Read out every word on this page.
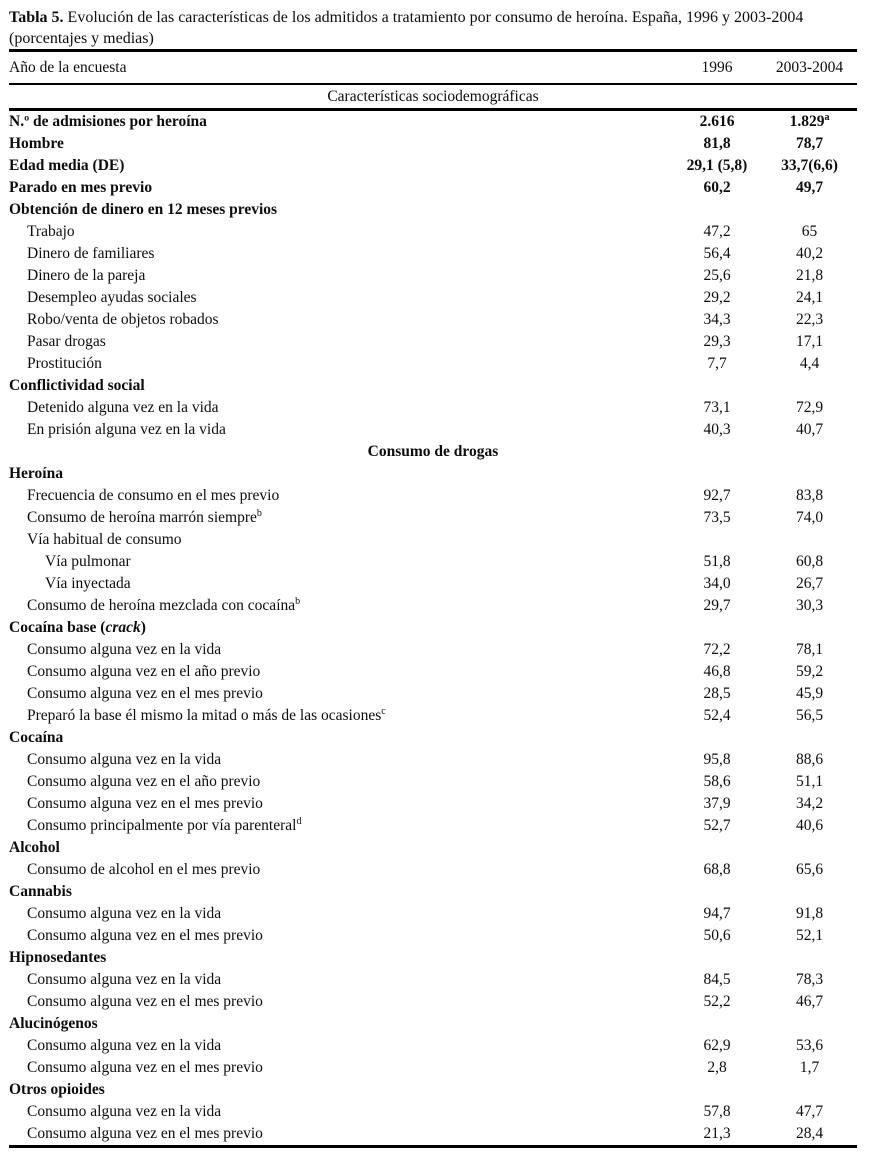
Tabla 5. Evolución de las características de los admitidos a tratamiento por consumo de heroína. España, 1996 y 2003-2004
(porcentajes y medias)
Año de la encuesta	1996	2003-2004
Características sociodemográficas
N.º de admisiones por heroína	2.616	1.829$^a$
Hombre	81,8	78,7
Edad media (DE)	29,1 (5,8)	33,7(6,6)
Parado en mes previo	60,2	49,7
Obtención de dinero en 12 meses previos
Trabajo	47,2	65
Dinero de familiares	56,4	40,2
Dinero de la pareja	25,6	21,8
Desempleo ayudas sociales	29,2	24,1
Robo/venta de objetos robados	34,3	22,3
Pasar drogas	29,3	17,1
Prostitución	7,7	4,4
Conflictividad social
Detenido alguna vez en la vida	73,1	72,9
En prisión alguna vez en la vida	40,3	40,7
Consumo de drogas
Heroína
Frecuencia de consumo en el mes previo	92,7	83,8
Consumo de heroína marrón siempre$^b$	73,5	74,0
Vía habitual de consumo
Vía pulmonar	51,8	60,8
Vía inyectada	34,0	26,7
Consumo de heroína mezclada con cocaína$^b$	29,7	30,3
Cocaína base (crack)
Consumo alguna vez en la vida	72,2	78,1
Consumo alguna vez en el año previo	46,8	59,2
Consumo alguna vez en el mes previo	28,5	45,9
Preparó la base él mismo la mitad o más de las ocasiones$^c$	52,4	56,5
Cocaína
Consumo alguna vez en la vida	95,8	88,6
Consumo alguna vez en el año previo	58,6	51,1
Consumo alguna vez en el mes previo	37,9	34,2
Consumo principalmente por vía parenteral$^d$	52,7	40,6
Alcohol
Consumo de alcohol en el mes previo	68,8	65,6
Cannabis
Consumo alguna vez en la vida	94,7	91,8
Consumo alguna vez en el mes previo	50,6	52,1
Hipnosedantes
Consumo alguna vez en la vida	84,5	78,3
Consumo alguna vez en el mes previo	52,2	46,7
Alucinógenos
Consumo alguna vez en la vida	62,9	53,6
Consumo alguna vez en el mes previo	2,8	1,7
Otros opioides
Consumo alguna vez en la vida	57,8	47,7
Consumo alguna vez en el mes previo	21,3	28,4
